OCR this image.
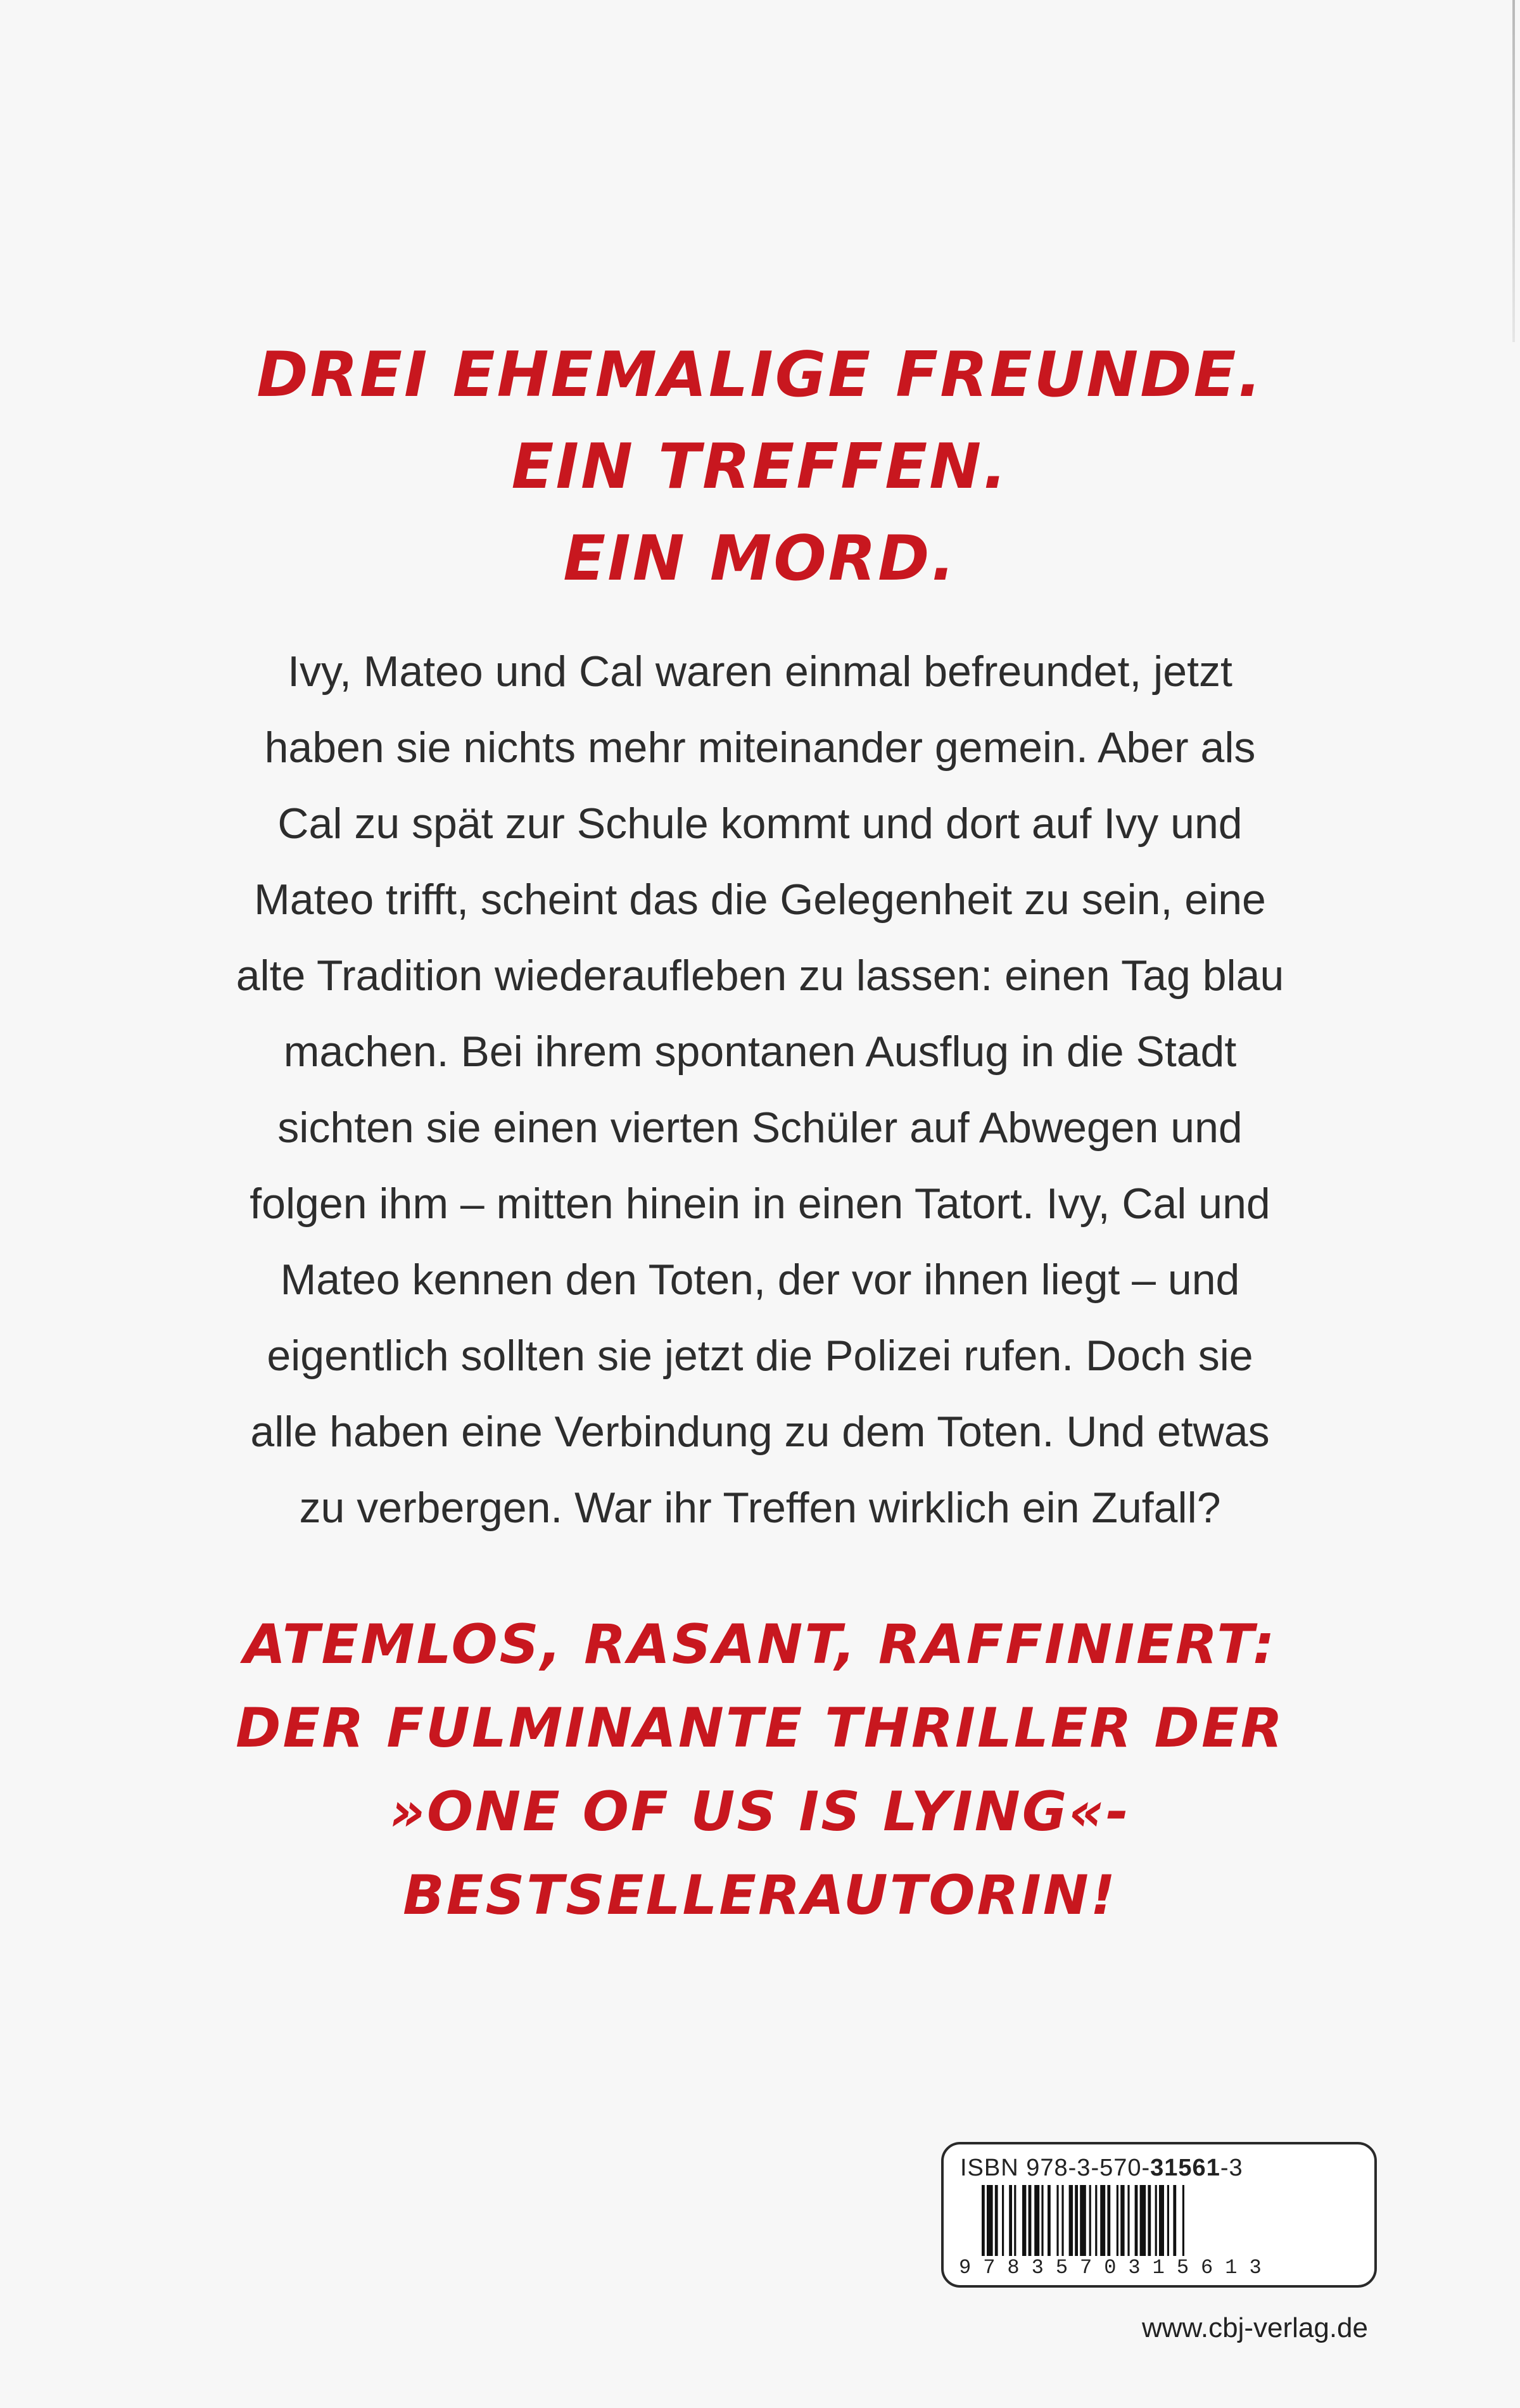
DREI EHEMALIGE FREUNDE.
EIN TREFFEN.
EIN MORD.
Ivy, Mateo und Cal waren einmal befreundet, jetzt
haben sie nichts mehr miteinander gemein. Aber als
Cal zu spät zur Schule kommt und dort auf Ivy und
Mateo trifft, scheint das die Gelegenheit zu sein, eine
alte Tradition wiederaufleben zu lassen: einen Tag blau
machen. Bei ihrem spontanen Ausflug in die Stadt
sichten sie einen vierten Schüler auf Abwegen und
folgen ihm – mitten hinein in einen Tatort. Ivy, Cal und
Mateo kennen den Toten, der vor ihnen liegt – und
eigentlich sollten sie jetzt die Polizei rufen. Doch sie
alle haben eine Verbindung zu dem Toten. Und etwas
zu verbergen. War ihr Treffen wirklich ein Zufall?
ATEMLOS, RASANT, RAFFINIERT:
DER FULMINANTE THRILLER DER
»ONE OF US IS LYING«-
BESTSELLERAUTORIN!
ISBN 978-3-570-31561-3
9783570315613
www.cbj-verlag.de
